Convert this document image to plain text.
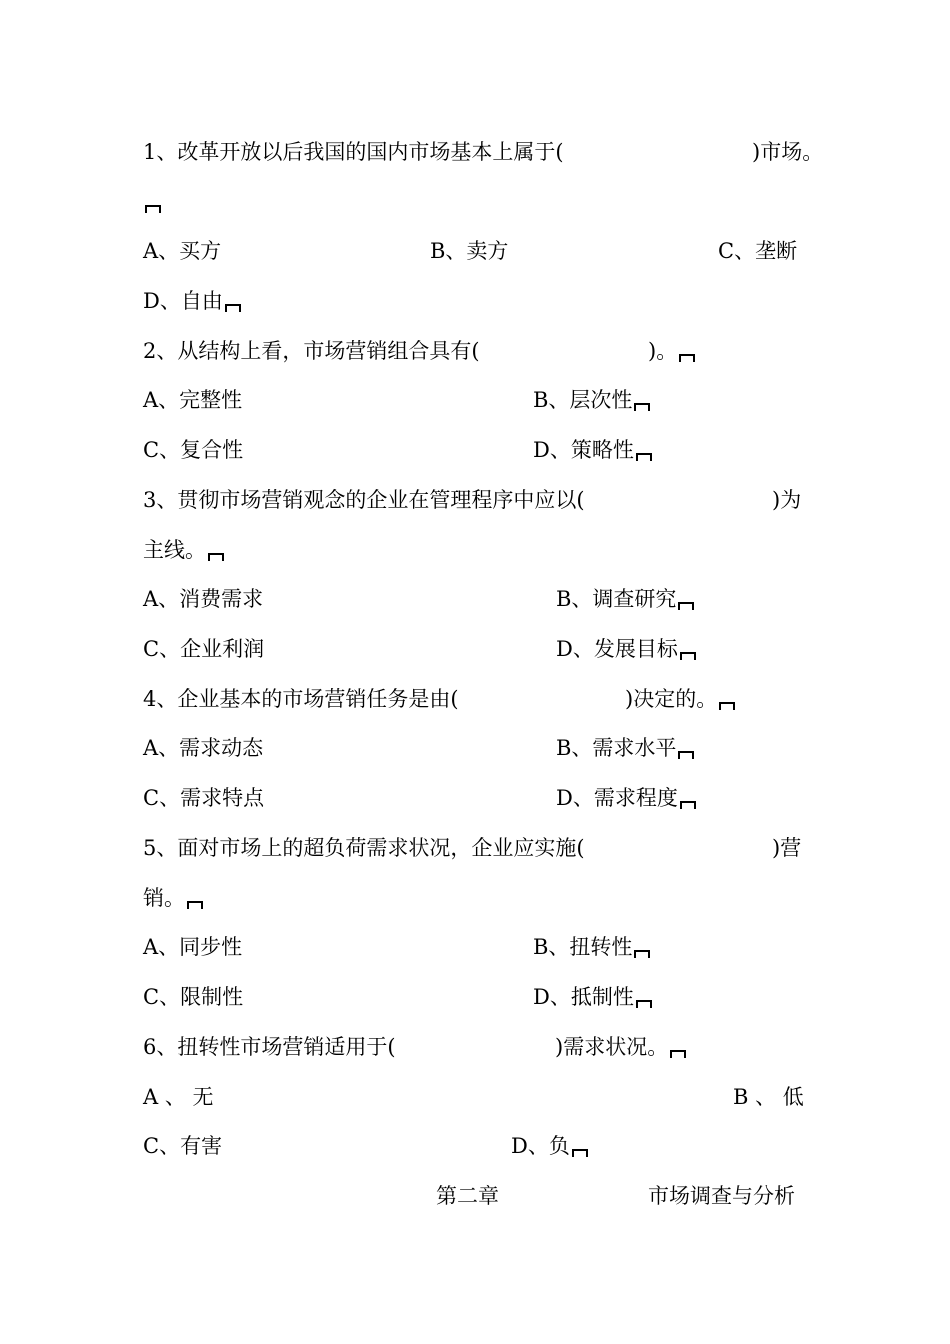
1、改革开放以后我国的国内市场基本上属于(	)市场。
A、买方	B、卖方	C、垄断
D、自由
2、从结构上看，市场营销组合具有(	)。
A、完整性	B、层次性
C、复合性	D、策略性
3、贯彻市场营销观念的企业在管理程序中应以(	)为
主线。
A、消费需求	B、调查研究
C、企业利润	D、发展目标
4、企业基本的市场营销任务是由(	)决定的。
A、需求动态	B、需求水平
C、需求特点	D、需求程度
5、面对市场上的超负荷需求状况，企业应实施(	)营
销。
A、同步性	B、扭转性
C、限制性	D、抵制性
6、扭转性市场营销适用于(	)需求状况。
A 、 无	B 、 低
C、有害	D、负
第二章	市场调查与分析
